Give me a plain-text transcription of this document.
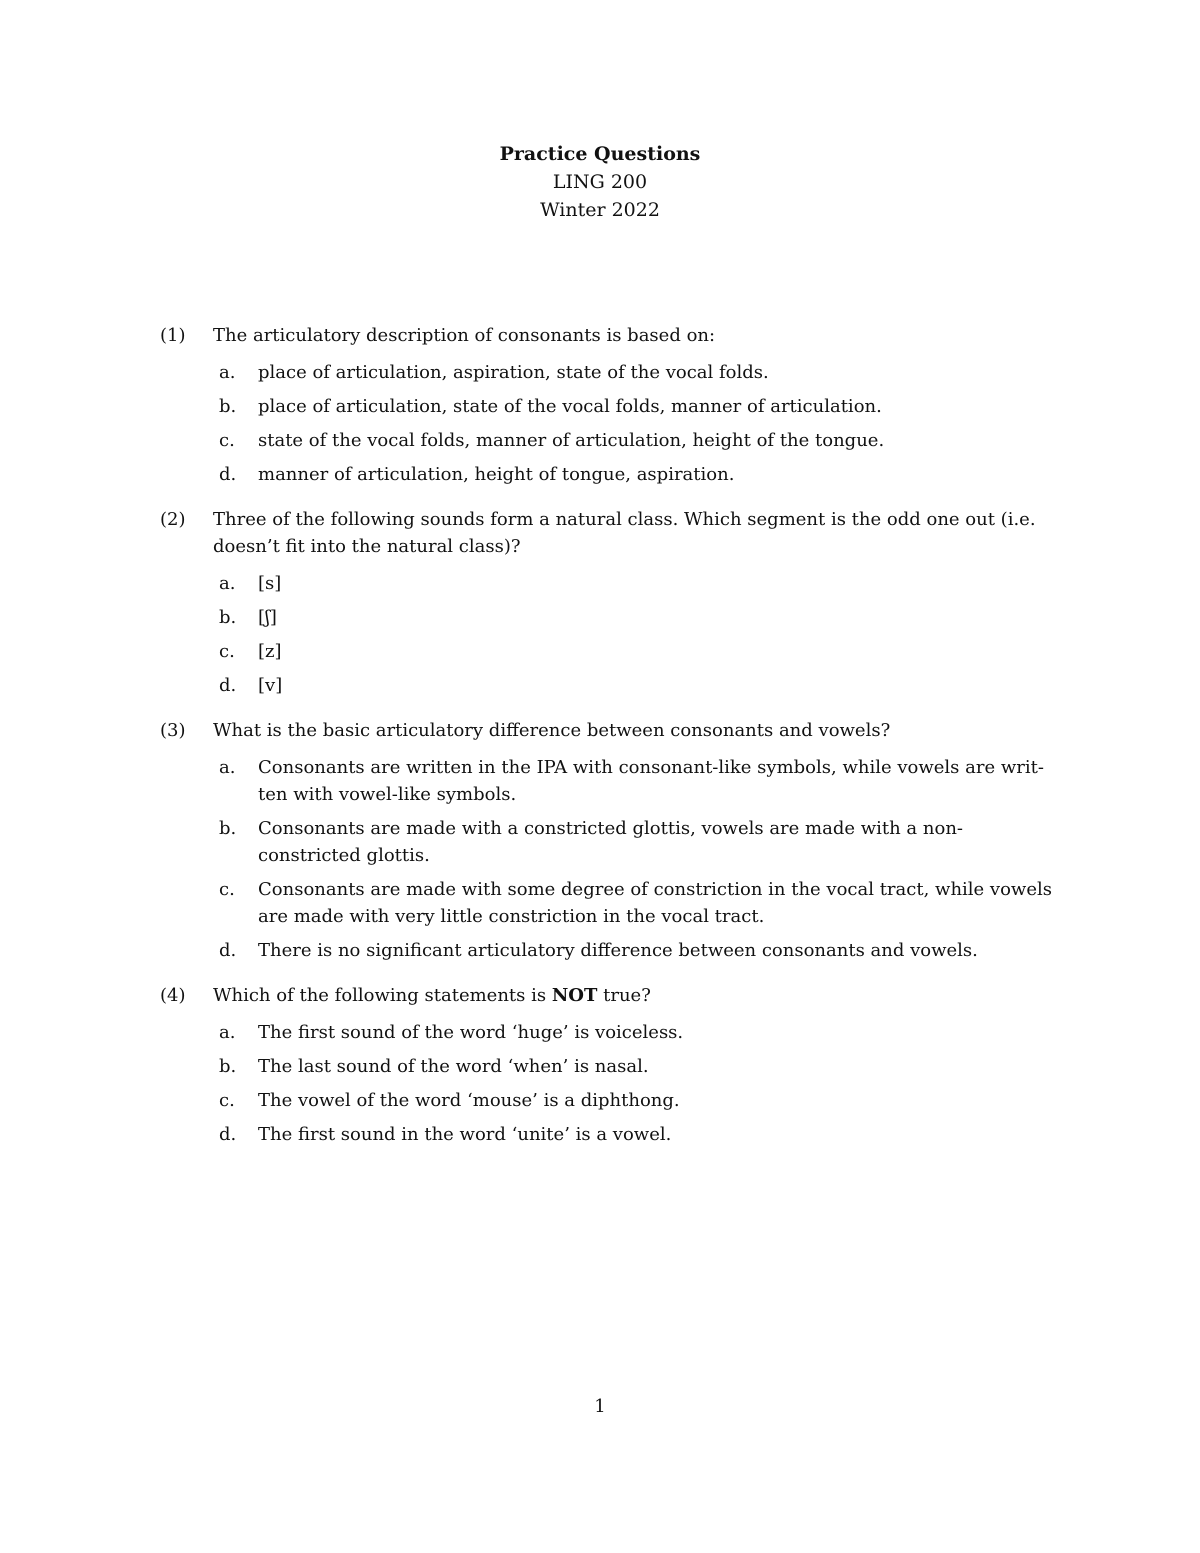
Practice Questions
LING 200
Winter 2022
(1) The articulatory description of consonants is based on:
a. place of articulation, aspiration, state of the vocal folds.
b. place of articulation, state of the vocal folds, manner of articulation.
c. state of the vocal folds, manner of articulation, height of the tongue.
d. manner of articulation, height of tongue, aspiration.
(2) Three of the following sounds form a natural class. Which segment is the odd one out (i.e. doesn’t fit into the natural class)?
a. [s]
b. [ʃ]
c. [z]
d. [v]
(3) What is the basic articulatory difference between consonants and vowels?
a. Consonants are written in the IPA with consonant-like symbols, while vowels are writ-ten with vowel-like symbols.
b. Consonants are made with a constricted glottis, vowels are made with a non-constricted glottis.
c. Consonants are made with some degree of constriction in the vocal tract, while vowels are made with very little constriction in the vocal tract.
d. There is no significant articulatory difference between consonants and vowels.
(4) Which of the following statements is NOT true?
a. The first sound of the word ‘huge’ is voiceless.
b. The last sound of the word ‘when’ is nasal.
c. The vowel of the word ‘mouse’ is a diphthong.
d. The first sound in the word ‘unite’ is a vowel.
1
